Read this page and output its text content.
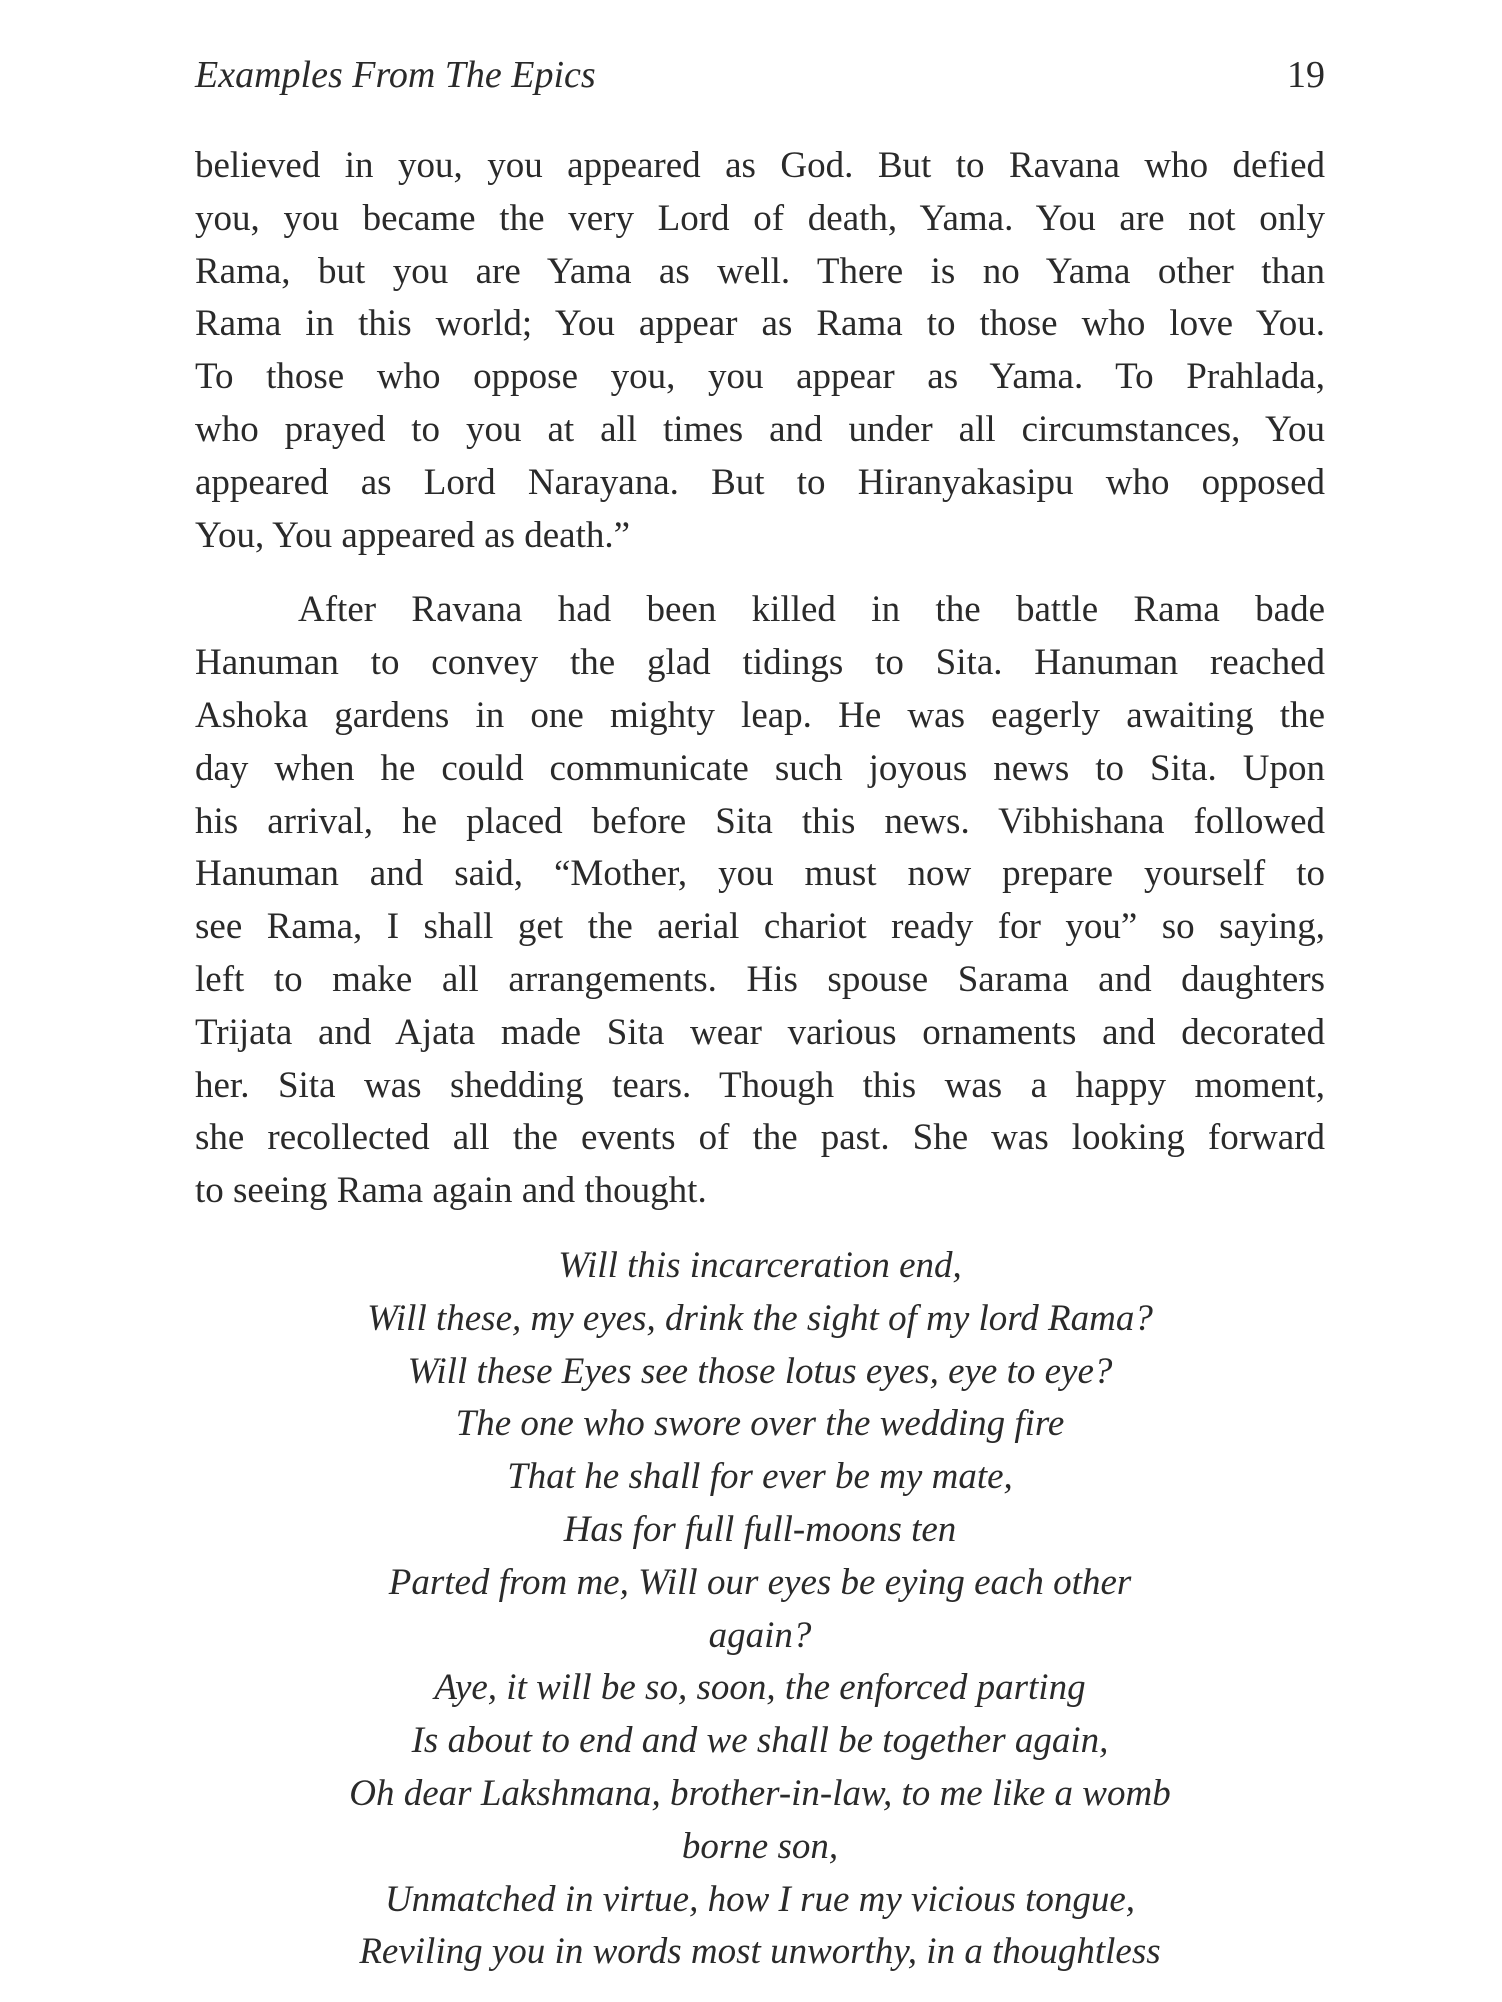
Examples From The Epics	19

believed in you, you appeared as God. But to Ravana who defied
you, you became the very Lord of death, Yama. You are not only
Rama, but you are Yama as well. There is no Yama other than
Rama in this world; You appear as Rama to those who love You.
To those who oppose you, you appear as Yama. To Prahlada,
who prayed to you at all times and under all circumstances, You
appeared as Lord Narayana. But to Hiranyakasipu who opposed
You, You appeared as death.”

After Ravana had been killed in the battle Rama bade
Hanuman to convey the glad tidings to Sita. Hanuman reached
Ashoka gardens in one mighty leap. He was eagerly awaiting the
day when he could communicate such joyous news to Sita. Upon
his arrival, he placed before Sita this news. Vibhishana followed
Hanuman and said, “Mother, you must now prepare yourself to
see Rama, I shall get the aerial chariot ready for you” so saying,
left to make all arrangements. His spouse Sarama and daughters
Trijata and Ajata made Sita wear various ornaments and decorated
her. Sita was shedding tears. Though this was a happy moment,
she recollected all the events of the past. She was looking forward
to seeing Rama again and thought.

Will this incarceration end,
Will these, my eyes, drink the sight of my lord Rama?
Will these Eyes see those lotus eyes, eye to eye?
The one who swore over the wedding fire
That he shall for ever be my mate,
Has for full full-moons ten
Parted from me, Will our eyes be eying each other
again?
Aye, it will be so, soon, the enforced parting
Is about to end and we shall be together again,
Oh dear Lakshmana, brother-in-law, to me like a womb
borne son,
Unmatched in virtue, how I rue my vicious tongue,
Reviling you in words most unworthy, in a thoughtless
